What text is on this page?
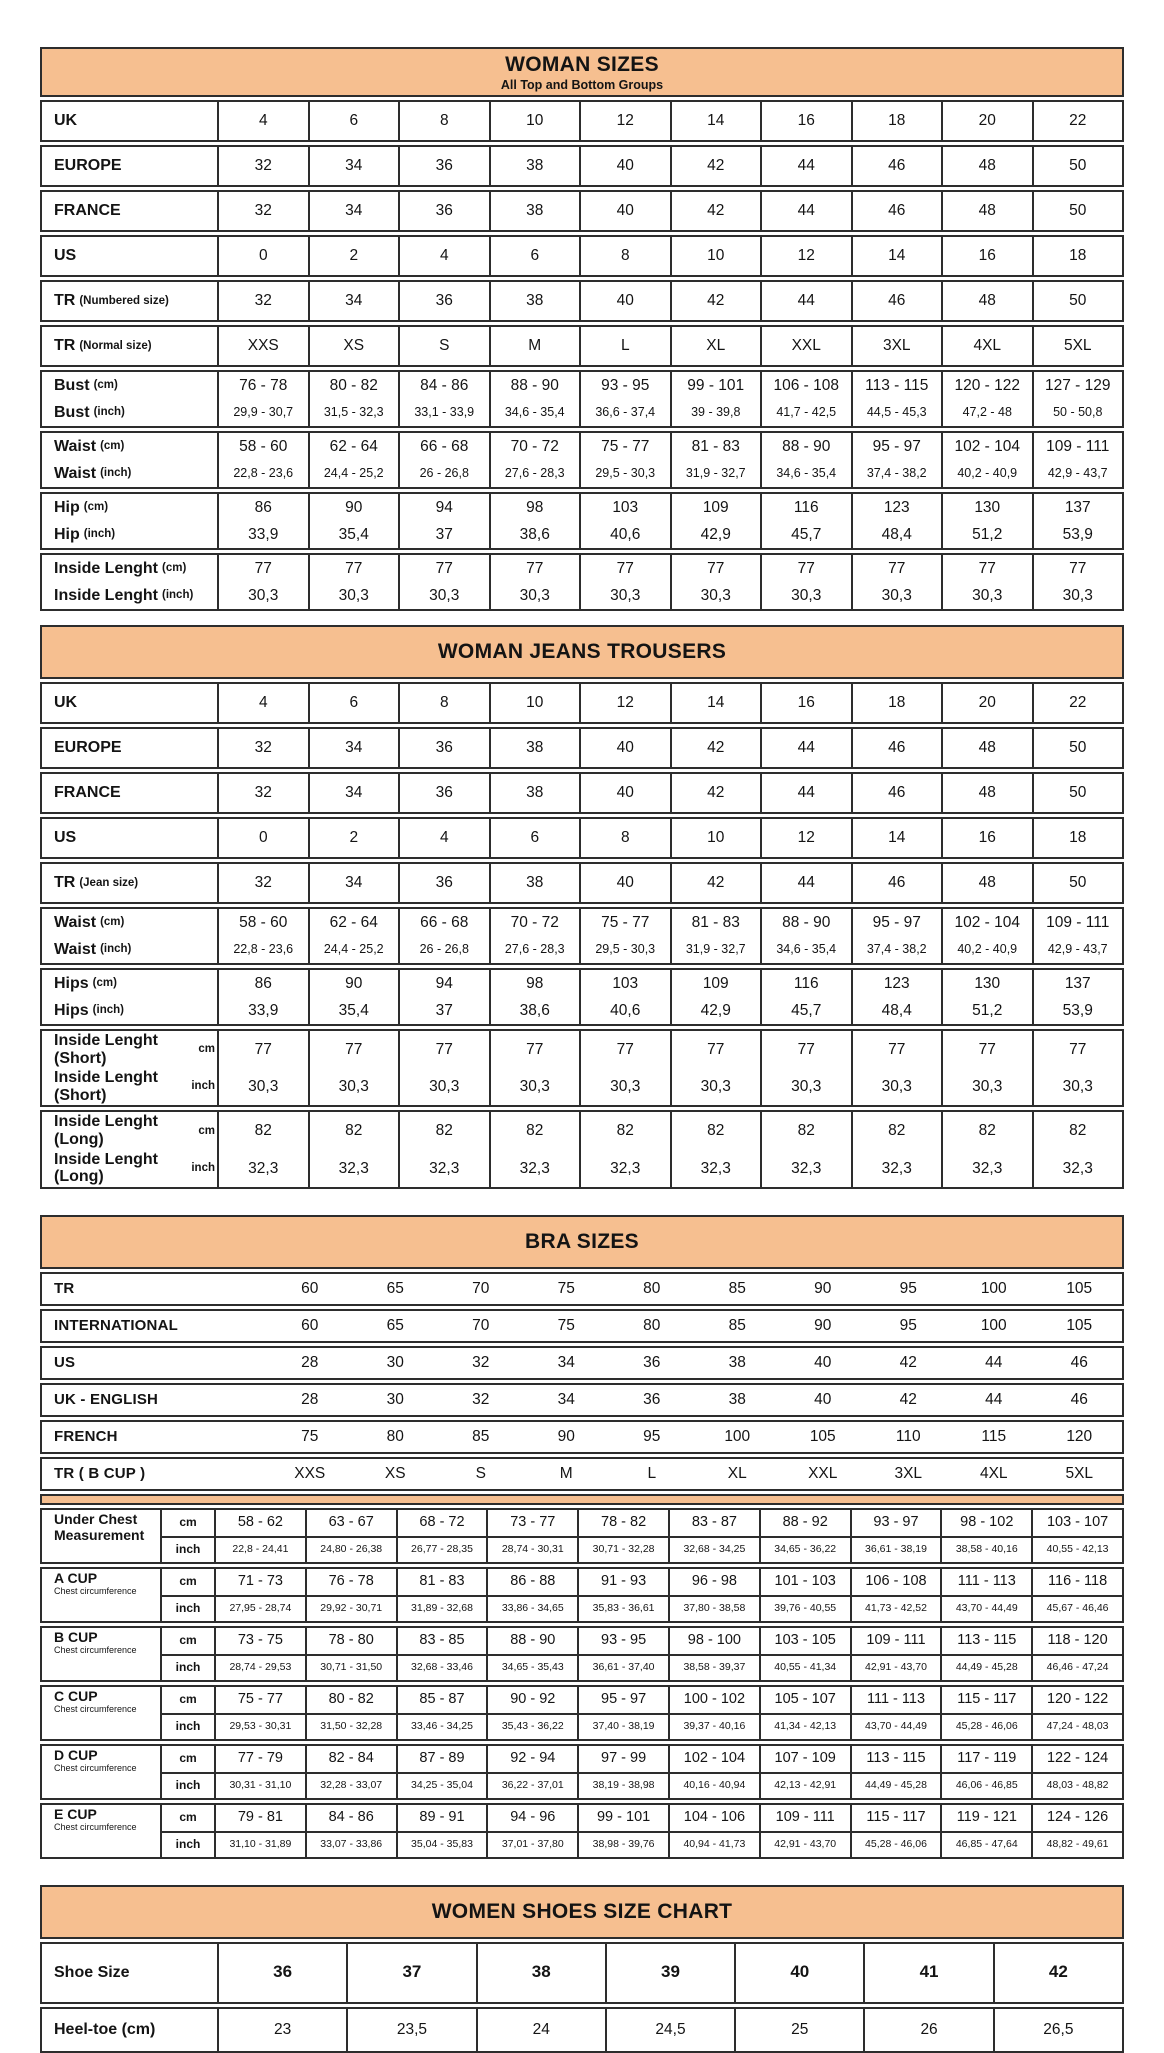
WOMAN SIZES
All Top and Bottom Groups
UK	4	6	8	10	12	14	16	18	20	22
EUROPE	32	34	36	38	40	42	44	46	48	50
FRANCE	32	34	36	38	40	42	44	46	48	50
US	0	2	4	6	8	10	12	14	16	18
TR (Numbered size)	32	34	36	38	40	42	44	46	48	50
TR (Normal size)	XXS	XS	S	M	L	XL	XXL	3XL	4XL	5XL
Bust (cm)	76 - 78	80 - 82	84 - 86	88 - 90	93 - 95	99 - 101	106 - 108	113 - 115	120 - 122	127 - 129
Bust (inch)	29,9 - 30,7	31,5 - 32,3	33,1 - 33,9	34,6 - 35,4	36,6 - 37,4	39 - 39,8	41,7 - 42,5	44,5 - 45,3	47,2 - 48	50 - 50,8
Waist (cm)	58 - 60	62 - 64	66 - 68	70 - 72	75 - 77	81 - 83	88 - 90	95 - 97	102 - 104	109 - 111
Waist (inch)	22,8 - 23,6	24,4 - 25,2	26 - 26,8	27,6 - 28,3	29,5 - 30,3	31,9 - 32,7	34,6 - 35,4	37,4 - 38,2	40,2 - 40,9	42,9 - 43,7
Hip (cm)	86	90	94	98	103	109	116	123	130	137
Hip (inch)	33,9	35,4	37	38,6	40,6	42,9	45,7	48,4	51,2	53,9
Inside Lenght (cm)	77	77	77	77	77	77	77	77	77	77
Inside Lenght (inch)	30,3	30,3	30,3	30,3	30,3	30,3	30,3	30,3	30,3	30,3
WOMAN JEANS TROUSERS
UK	4	6	8	10	12	14	16	18	20	22
EUROPE	32	34	36	38	40	42	44	46	48	50
FRANCE	32	34	36	38	40	42	44	46	48	50
US	0	2	4	6	8	10	12	14	16	18
TR (Jean size)	32	34	36	38	40	42	44	46	48	50
Waist (cm)	58 - 60	62 - 64	66 - 68	70 - 72	75 - 77	81 - 83	88 - 90	95 - 97	102 - 104	109 - 111
Waist (inch)	22,8 - 23,6	24,4 - 25,2	26 - 26,8	27,6 - 28,3	29,5 - 30,3	31,9 - 32,7	34,6 - 35,4	37,4 - 38,2	40,2 - 40,9	42,9 - 43,7
Hips (cm)	86	90	94	98	103	109	116	123	130	137
Hips (inch)	33,9	35,4	37	38,6	40,6	42,9	45,7	48,4	51,2	53,9
Inside Lenght (Short)
cm	77	77	77	77	77	77	77	77	77	77
Inside Lenght (Short)
inch	30,3	30,3	30,3	30,3	30,3	30,3	30,3	30,3	30,3	30,3
Inside Lenght (Long)
cm	82	82	82	82	82	82	82	82	82	82
Inside Lenght (Long)
inch	32,3	32,3	32,3	32,3	32,3	32,3	32,3	32,3	32,3	32,3
BRA SIZES
TR	60	65	70	75	80	85	90	95	100	105
INTERNATIONAL	60	65	70	75	80	85	90	95	100	105
US	28	30	32	34	36	38	40	42	44	46
UK - ENGLISH	28	30	32	34	36	38	40	42	44	46
FRENCH	75	80	85	90	95	100	105	110	115	120
TR ( B CUP )	XXS	XS	S	M	L	XL	XXL	3XL	4XL	5XL
Under Chest Measurement
cm	58 - 62	63 - 67	68 - 72	73 - 77	78 - 82	83 - 87	88 - 92	93 - 97	98 - 102	103 - 107
inch	22,8 - 24,41	24,80 - 26,38	26,77 - 28,35	28,74 - 30,31	30,71 - 32,28	32,68 - 34,25	34,65 - 36,22	36,61 - 38,19	38,58 - 40,16	40,55 - 42,13
A CUP
Chest circumference
cm	71 - 73	76 - 78	81 - 83	86 - 88	91 - 93	96 - 98	101 - 103	106 - 108	111 - 113	116 - 118
inch	27,95 - 28,74	29,92 - 30,71	31,89 - 32,68	33,86 - 34,65	35,83 - 36,61	37,80 - 38,58	39,76 - 40,55	41,73 - 42,52	43,70 - 44,49	45,67 - 46,46
B CUP
Chest circumference
cm	73 - 75	78 - 80	83 - 85	88 - 90	93 - 95	98 - 100	103 - 105	109 - 111	113 - 115	118 - 120
inch	28,74 - 29,53	30,71 - 31,50	32,68 - 33,46	34,65 - 35,43	36,61 - 37,40	38,58 - 39,37	40,55 - 41,34	42,91 - 43,70	44,49 - 45,28	46,46 - 47,24
C CUP
Chest circumference
cm	75 - 77	80 - 82	85 - 87	90 - 92	95 - 97	100 - 102	105 - 107	111 - 113	115 - 117	120 - 122
inch	29,53 - 30,31	31,50 - 32,28	33,46 - 34,25	35,43 - 36,22	37,40 - 38,19	39,37 - 40,16	41,34 - 42,13	43,70 - 44,49	45,28 - 46,06	47,24 - 48,03
D CUP
Chest circumference
cm	77 - 79	82 - 84	87 - 89	92 - 94	97 - 99	102 - 104	107 - 109	113 - 115	117 - 119	122 - 124
inch	30,31 - 31,10	32,28 - 33,07	34,25 - 35,04	36,22 - 37,01	38,19 - 38,98	40,16 - 40,94	42,13 - 42,91	44,49 - 45,28	46,06 - 46,85	48,03 - 48,82
E CUP
Chest circumference
cm	79 - 81	84 - 86	89 - 91	94 - 96	99 - 101	104 - 106	109 - 111	115 - 117	119 - 121	124 - 126
inch	31,10 - 31,89	33,07 - 33,86	35,04 - 35,83	37,01 - 37,80	38,98 - 39,76	40,94 - 41,73	42,91 - 43,70	45,28 - 46,06	46,85 - 47,64	48,82 - 49,61
WOMEN SHOES SIZE CHART
Shoe Size	36	37	38	39	40	41	42
Heel-toe (cm)	23	23,5	24	24,5	25	26	26,5
